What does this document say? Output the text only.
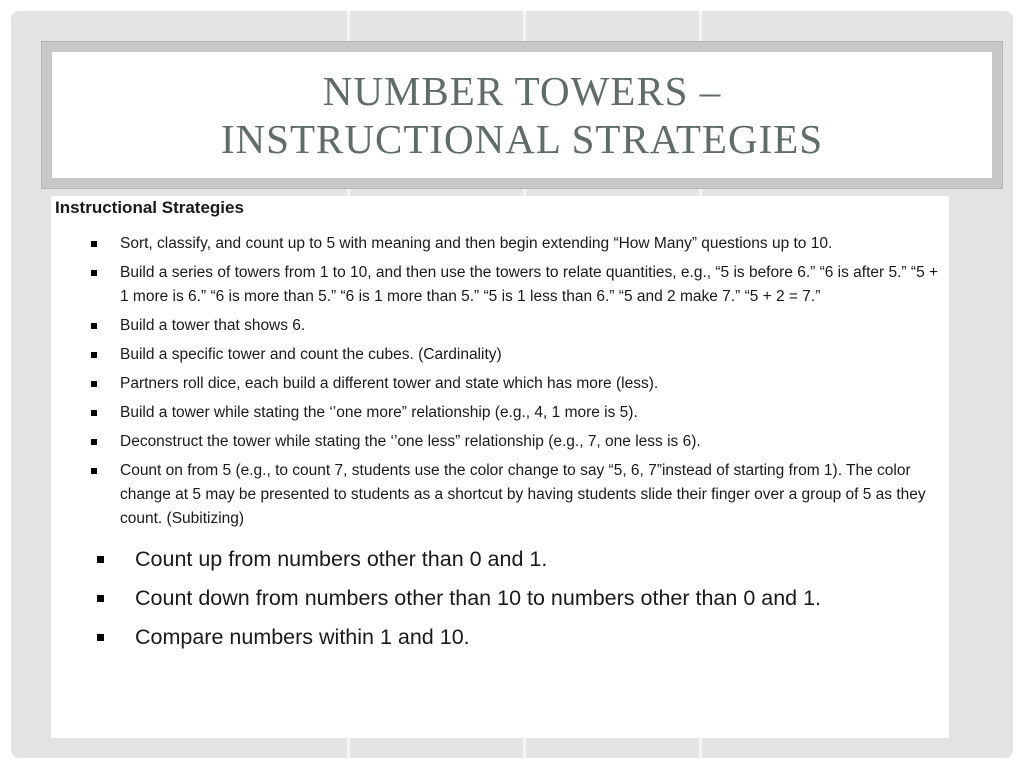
NUMBER TOWERS –
INSTRUCTIONAL STRATEGIES
Instructional Strategies
Sort, classify, and count up to 5 with meaning and then begin extending “How Many” questions up to 10.
Build a series of towers from 1 to 10, and then use the towers to relate quantities, e.g., “5 is before 6.” “6 is after 5.” “5 + 1 more is 6.” “6 is more than 5.” “6 is 1 more than 5.” “5 is 1 less than 6.” “5 and 2 make 7.” “5 + 2 = 7.”
Build a tower that shows 6.
Build a specific tower and count the cubes. (Cardinality)
Partners roll dice, each build a different tower and state which has more (less).
Build a tower while stating the ‘’one more” relationship (e.g., 4, 1 more is 5).
Deconstruct the tower while stating the ‘’one less” relationship (e.g., 7, one less is 6).
Count on from 5 (e.g., to count 7, students use the color change to say “5, 6, 7”instead of starting from 1). The color change at 5 may be presented to students as a shortcut by having students slide their finger over a group of 5 as they count. (Subitizing)
Count up from numbers other than 0 and 1.
Count down from numbers other than 10 to numbers other than 0 and 1.
Compare numbers within 1 and 10.
